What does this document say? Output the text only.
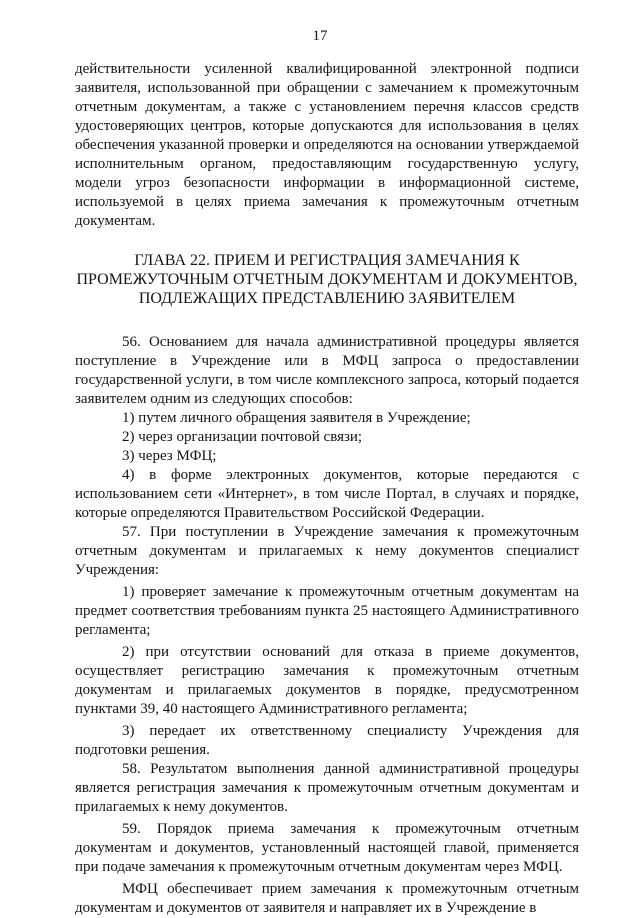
17

действительности усиленной квалифицированной электронной подписи заявителя, использованной при обращении с замечанием к промежуточным отчетным документам, а также с установлением перечня классов средств удостоверяющих центров, которые допускаются для использования в целях обеспечения указанной проверки и определяются на основании утверждаемой исполнительным органом, предоставляющим государственную услугу, модели угроз безопасности информации в информационной системе, используемой в целях приема замечания к промежуточным отчетным документам.

ГЛАВА 22. ПРИЕМ И РЕГИСТРАЦИЯ ЗАМЕЧАНИЯ К ПРОМЕЖУТОЧНЫМ ОТЧЕТНЫМ ДОКУМЕНТАМ И ДОКУМЕНТОВ, ПОДЛЕЖАЩИХ ПРЕДСТАВЛЕНИЮ ЗАЯВИТЕЛЕМ

56. Основанием для начала административной процедуры является поступление в Учреждение или в МФЦ запроса о предоставлении государственной услуги, в том числе комплексного запроса, который подается заявителем одним из следующих способов:

1) путем личного обращения заявителя в Учреждение;

2) через организации почтовой связи;

3) через МФЦ;

4) в форме электронных документов, которые передаются с использованием сети «Интернет», в том числе Портал, в случаях и порядке, которые определяются Правительством Российской Федерации.

57. При поступлении в Учреждение замечания к промежуточным отчетным документам и прилагаемых к нему документов специалист Учреждения:

1) проверяет замечание к промежуточным отчетным документам на предмет соответствия требованиям пункта 25 настоящего Административного регламента;

2) при отсутствии оснований для отказа в приеме документов, осуществляет регистрацию замечания к промежуточным отчетным документам и прилагаемых документов в порядке, предусмотренном пунктами 39, 40 настоящего Административного регламента;

3) передает их ответственному специалисту Учреждения для подготовки решения.

58. Результатом выполнения данной административной процедуры является регистрация замечания к промежуточным отчетным документам и прилагаемых к нему документов.

59. Порядок приема замечания к промежуточным отчетным документам и документов, установленный настоящей главой, применяется при подаче замечания к промежуточным отчетным документам через МФЦ.

МФЦ обеспечивает прием замечания к промежуточным отчетным документам и документов от заявителя и направляет их в Учреждение в
